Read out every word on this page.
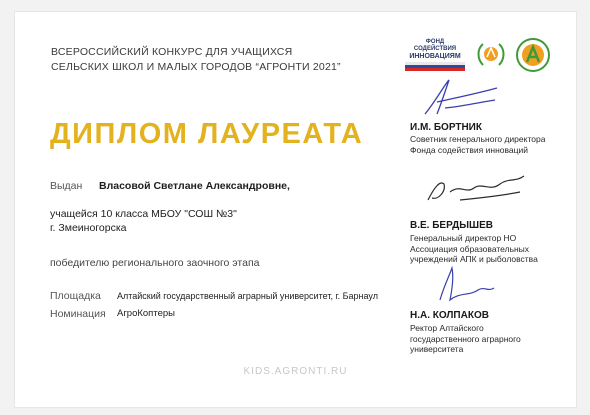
ВСЕРОССИЙСКИЙ КОНКУРС ДЛЯ УЧАЩИХСЯ
СЕЛЬСКИХ ШКОЛ И МАЛЫХ ГОРОДОВ “АГРОНТИ 2021”
ФОНД СОДЕЙСТВИЯ
ИННОВАЦИЯМ
ДИПЛОМ ЛАУРЕАТА
Выдан Власовой Светлане Александровне,
учащейся 10 класса МБОУ "СОШ №3"
г. Змеиногорска
победителю регионального заочного этапа
Площадка Алтайский государственный аграрный университет, г. Барнаул
Номинация АгроКоптеры
KIDS.AGRONTI.RU
И.М. БОРТНИК
Советник генерального директора Фонда содействия инноваций
В.Е. БЕРДЫШЕВ
Генеральный директор НО Ассоциация образовательных учреждений АПК и рыболовства
Н.А. КОЛПАКОВ
Ректор Алтайского государственного аграрного университета
